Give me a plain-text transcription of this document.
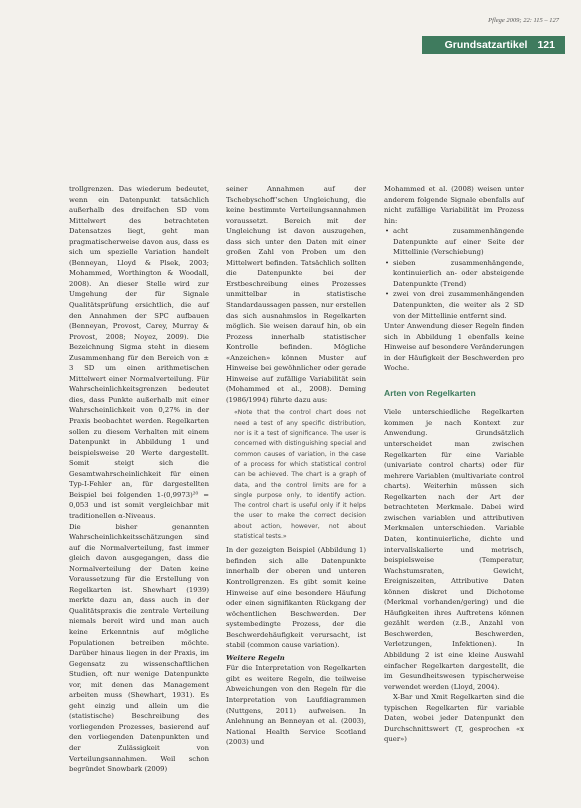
Pflege 2009; 22: 115 – 127
Grundsatzartikel 121

trollgrenzen. Das wiederum bedeutet, wenn ein Datenpunkt tatsächlich außerhalb des dreifachen SD vom Mittelwert des betrachteten Datensatzes liegt, geht man pragmatischerweise davon aus, dass es sich um spezielle Variation handelt (Benneyan, Lloyd & Plsek, 2003; Mohammed, Worthington & Woodall, 2008). An dieser Stelle wird zur Umgehung der für Signale Qualitätsprüfung ersichtlich, die auf den Annahmen der SPC aufbauen (Benneyan, Provost, Carey, Murray & Provost, 2008; Noyez, 2009). Die Bezeichnung Sigma steht in diesem Zusammenhang für den Bereich von ± 3 SD um einen arithmetischen Mittelwert einer Normalverteilung. Für Wahrscheinlichkeitsgrenzen bedeutet dies, dass Punkte außerhalb mit einer Wahrscheinlichkeit von 0,27% in der Praxis beobachtet werden. Regelkarten sollen zu diesem Verhalten mit einem Datenpunkt in Abbildung 1 und beispielsweise 20 Werte dargestellt. Somit steigt sich die Gesamtwahrscheinlichkeit für einen Typ-I-Fehler an, für dargestellten Beispiel bei folgenden 1-(0,9973)²⁰ = 0,053 und ist somit vergleichbar mit traditionellen α-Niveaus.

Die bisher genannten Wahrscheinlichkeitsschätzungen sind auf die Normalverteilung, fast immer gleich davon ausgegangen, dass die Normalverteilung der Daten keine Voraussetzung für die Erstellung von Regelkarten ist. Shewhart (1939) merkte dazu an, dass auch in der Qualitätspraxis die zentrale Verteilung niemals bereit wird und man auch keine Erkenntnis auf mögliche Populationen betreiben möchte. Darüber hinaus liegen in der Praxis, im Gegensatz zu wissenschaftlichen Studien, oft nur wenige Datenpunkte vor, mit denen das Management arbeiten muss (Shewhart, 1931). Es geht einzig und allein um die (statistische) Beschreibung des vorliegenden Prozesses, basierend auf den vorliegenden Datenpunkten und der Zulässigkeit von Verteilungsannahmen. Weil schon begründet Snowbark (2009)

seiner Annahmen auf der Tschebyschoff’schen Ungleichung, die keine bestimmte Verteilungsannahmen voraussetzt. Bereich mit der Ungleichung ist davon auszugehen, dass sich unter den Daten mit einer großen Zahl von Proben um den Mittelwert befinden. Tatsächlich sollten die Datenpunkte bei der Erstbeschreibung eines Prozesses unmittelbar in statistische Standardaussagen passen, nur erstellen das sich ausnahmslos in Regelkarten möglich. Sie weisen darauf hin, ob ein Prozess innerhalb statistischer Kontrolle befinden. Mögliche «Anzeichen» können Muster auf Hinweise bei gewöhnlicher oder gerade Hinweise auf zufällige Variabilität sein (Mohammed et al., 2008). Deming (1986/1994) führte dazu aus:

«Note that the control chart does not need a test of any specific distribution, nor is it a test of significance. The user is concerned with distinguishing special and common causes of variation, in the case of a process for which statistical control can be achieved. The chart is a graph of data, and the control limits are for a single purpose only, to identify action. The control chart is useful only if it helps the user to make the correct decision about action, however, not about statistical tests.»

In der gezeigten Beispiel (Abbildung 1) befinden sich alle Datenpunkte innerhalb der oberen und unteren Kontrollgrenzen. Es gibt somit keine Hinweise auf eine besondere Häufung oder einen signifikanten Rückgang der wöchentlichen Beschwerden. Der systembedingte Prozess, der die Beschwerdehäufigkeit verursacht, ist stabil (common cause variation).

Weitere Regeln

Für die Interpretation von Regelkarten gibt es weitere Regeln, die teilweise Abweichungen von den Regeln für die Interpretation von Laufdiagrammen (Nuttgens, 2011) aufweisen. In Anlehnung an Benneyan et al. (2003), National Health Service Scotland (2003) und

Mohammed et al. (2008) weisen unter anderem folgende Signale ebenfalls auf nicht zufällige Variabilität im Prozess hin:

• acht zusammenhängende Datenpunkte auf einer Seite der Mittellinie (Verschiebung)
• sieben zusammenhängende, kontinuierlich an- oder absteigende Datenpunkte (Trend)
• zwei von drei zusammenhängenden Datenpunkten, die weiter als 2 SD von der Mittellinie entfernt sind.

Unter Anwendung dieser Regeln finden sich in Abbildung 1 ebenfalls keine Hinweise auf besondere Veränderungen in der Häufigkeit der Beschwerden pro Woche.

Arten von Regelkarten

Viele unterschiedliche Regelkarten kommen je nach Kontext zur Anwendung. Grundsätzlich unterscheidet man zwischen Regelkarten für eine Variable (univariate control charts) oder für mehrere Variablen (multivariate control charts). Weiterhin müssen sich Regelkarten nach der Art der betrachteten Merkmale. Dabei wird zwischen variablen und attributiven Merkmalen unterschieden. Variable Daten, kontinuierliche, dichte und intervallskalierte und metrisch, beispielsweise (Temperatur, Wachstumsraten, Gewicht, Ereigniszeiten, Attributive Daten können diskret und Dichotome (Merkmal vorhanden/gering) und die Häufigkeiten ihres Auftretens können gezählt werden (z.B., Anzahl von Beschwerden, Beschwerden, Verletzungen, Infektionen). In Abbildung 2 ist eine kleine Auswahl einfacher Regelkarten dargestellt, die im Gesundheitswesen typischerweise verwendet werden (Lloyd, 2004).

X-Bar und Xmit Regelkarten sind die typischen Regelkarten für variable Daten, wobei jeder Datenpunkt den Durchschnittswert (T, gesprochen «x quer»)
